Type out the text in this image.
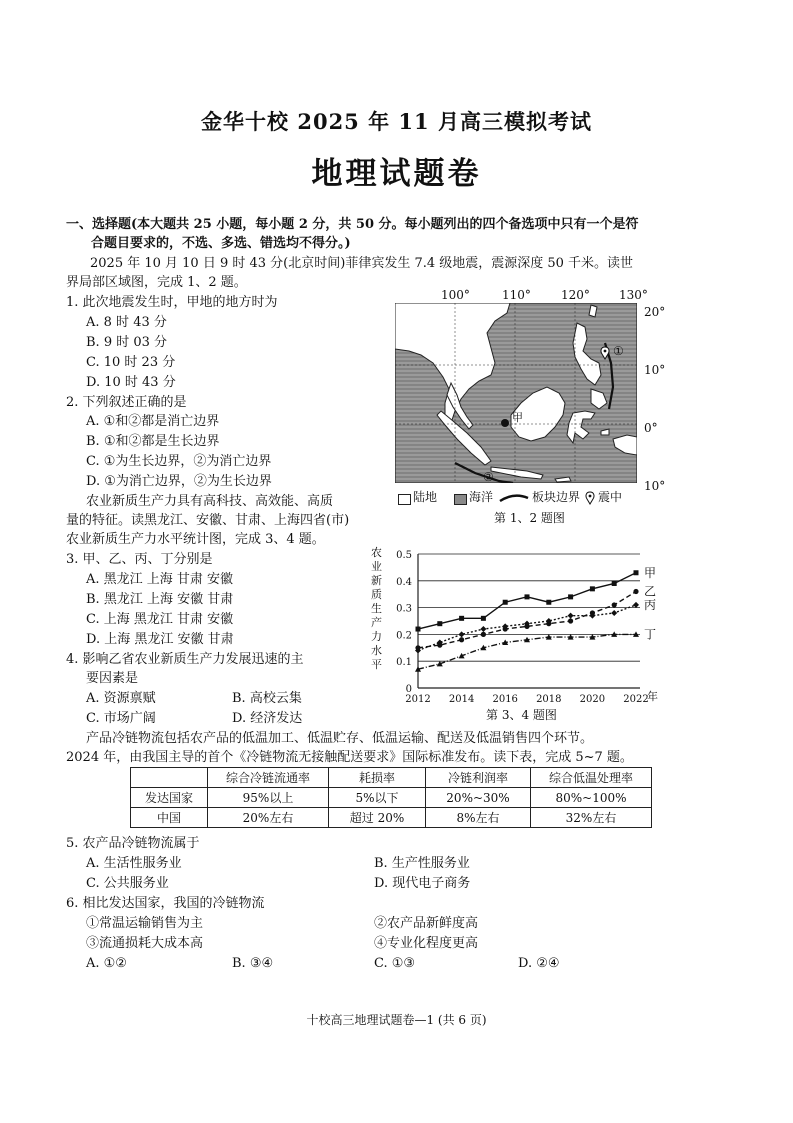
金华十校 2025 年 11 月高三模拟考试
地理试题卷
一、选择题(本大题共 25 小题，每小题 2 分，共 50 分。每小题列出的四个备选项中只有一个是符
合题目要求的，不选、多选、错选均不得分。)
2025 年 10 月 10 日 9 时 43 分(北京时间)菲律宾发生 7.4 级地震，震源深度 50 千米。读世
界局部区域图，完成 1、2 题。
1. 此次地震发生时，甲地的地方时为
A. 8 时 43 分
B. 9 时 03 分
C. 10 时 23 分
D. 10 时 43 分
2. 下列叙述正确的是
A. ①和②都是消亡边界
B. ①和②都是生长边界
C. ①为生长边界，②为消亡边界
D. ①为消亡边界，②为生长边界
100°	110°	120° 130°
20°
10°
0°
10°
甲
①
②
陆地	海洋	板块边界 震中
第 1、2 题图
农业新质生产力具有高科技、高效能、高质
量的特征。读黑龙江、安徽、甘肃、上海四省(市)
农业新质生产力水平统计图，完成 3、4 题。
3. 甲、乙、丙、丁分别是
A. 黑龙江 上海 甘肃 安徽
B. 黑龙江 上海 安徽 甘肃
C. 上海 黑龙江 甘肃 安徽
D. 上海 黑龙江 安徽 甘肃
4. 影响乙省农业新质生产力发展迅速的主
要因素是
A. 资源禀赋	B. 高校云集
C. 市场广阔	D. 经济发达
农
业
新
质
生
产
力
水
平
0
0.1
0.2
0.3
0.4
0.5
2012 2014 2016 2018 2020 2022
甲
乙
丙
丁
年
第 3、4 题图
产品冷链物流包括农产品的低温加工、低温贮存、低温运输、配送及低温销售四个环节。
2024 年，由我国主导的首个《冷链物流无接触配送要求》国际标准发布。读下表，完成 5~7 题。
	综合冷链流通率	耗损率	冷链利润率	综合低温处理率
发达国家	95%以上	5%以下	20%~30%	80%~100%
中国	20%左右	超过 20%	8%左右	32%左右
5. 农产品冷链物流属于
A. 生活性服务业	B. 生产性服务业
C. 公共服务业	D. 现代电子商务
6. 相比发达国家，我国的冷链物流
①常温运输销售为主	②农产品新鲜度高
③流通损耗大成本高	④专业化程度更高
A. ①②	B. ③④	C. ①③	D. ②④
十校高三地理试题卷—1 (共 6 页)
